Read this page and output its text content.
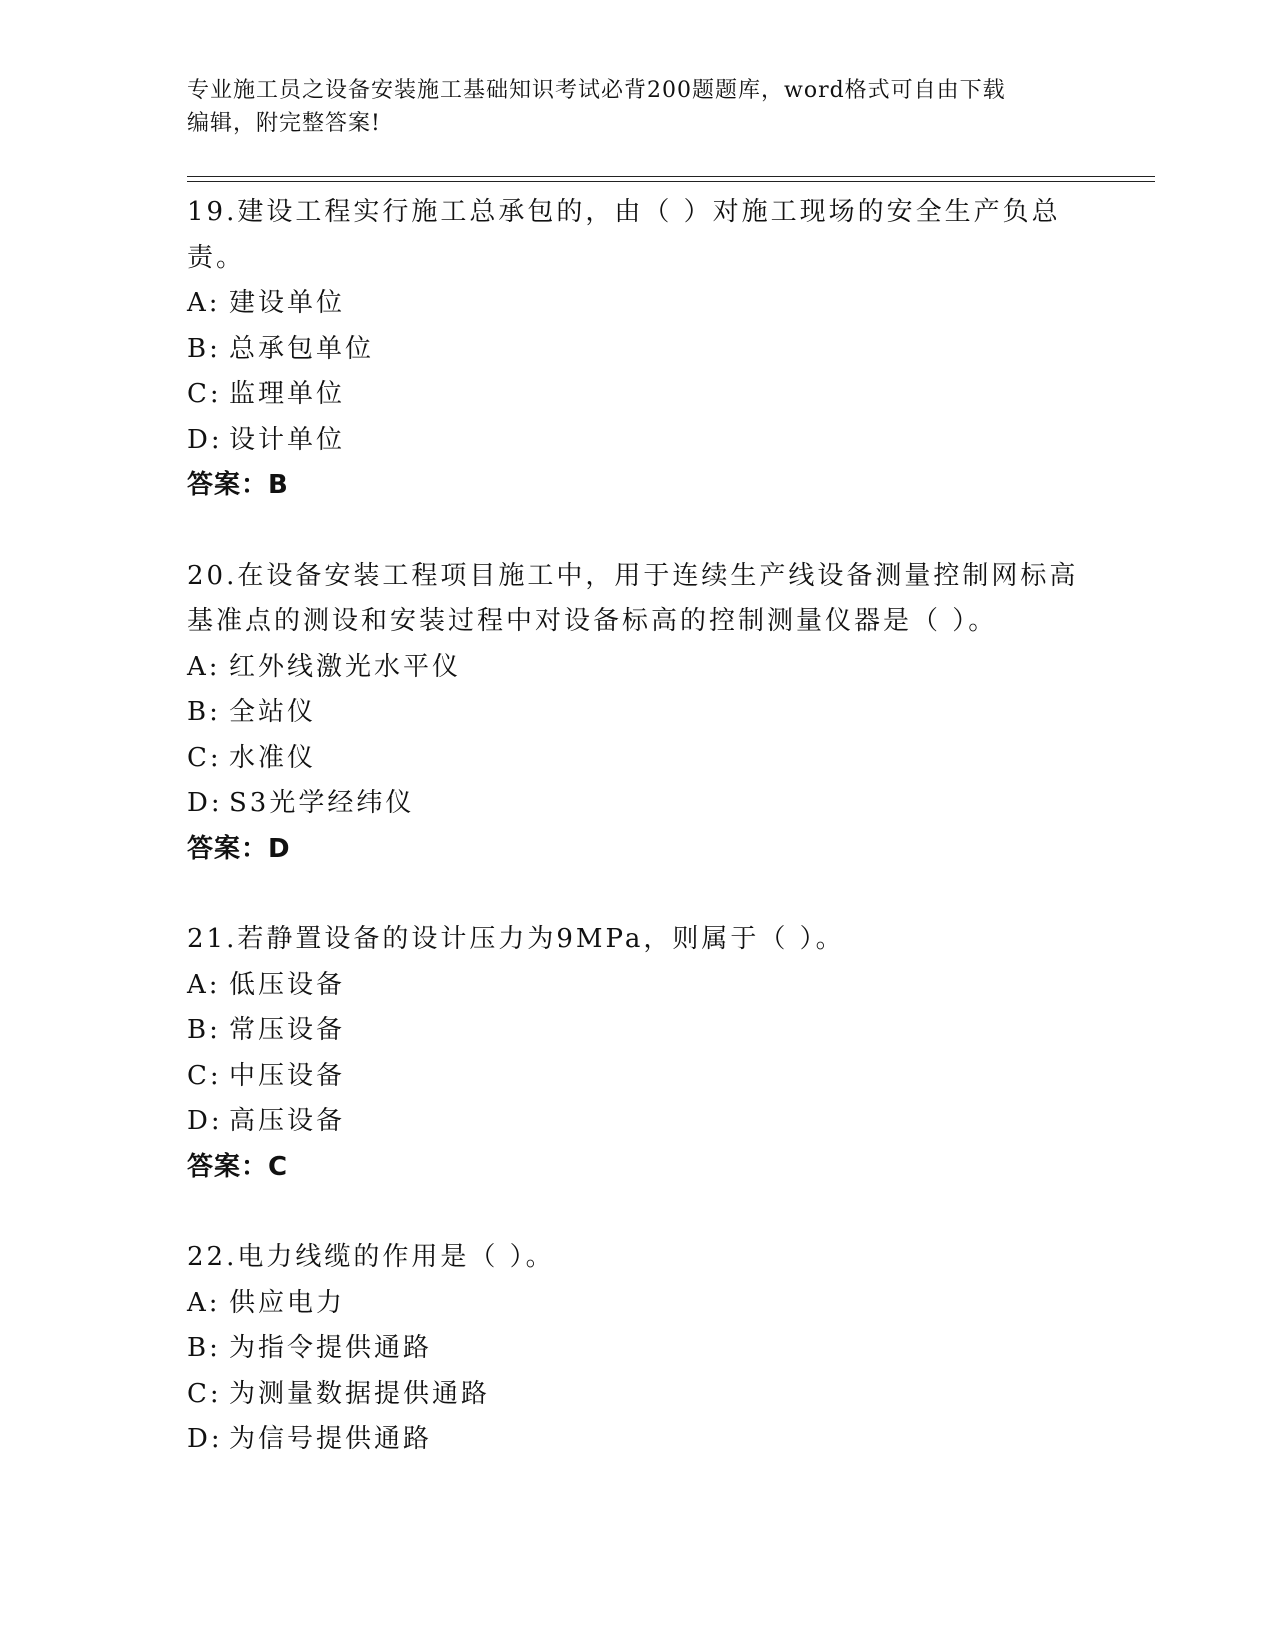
专业施工员之设备安装施工基础知识考试必背200题题库，word格式可自由下载
编辑，附完整答案!

19.建设工程实行施工总承包的，由（ ）对施工现场的安全生产负总责。

A: 建设单位

B: 总承包单位

C: 监理单位

D: 设计单位

答案：B

20.在设备安装工程项目施工中，用于连续生产线设备测量控制网标高基准点的测设和安装过程中对设备标高的控制测量仪器是（ ）。

A: 红外线激光水平仪

B: 全站仪

C: 水准仪

D: S3光学经纬仪

答案：D

21.若静置设备的设计压力为9MPa，则属于（ ）。

A: 低压设备

B: 常压设备

C: 中压设备

D: 高压设备

答案：C

22.电力线缆的作用是（ ）。

A: 供应电力

B: 为指令提供通路

C: 为测量数据提供通路

D: 为信号提供通路
